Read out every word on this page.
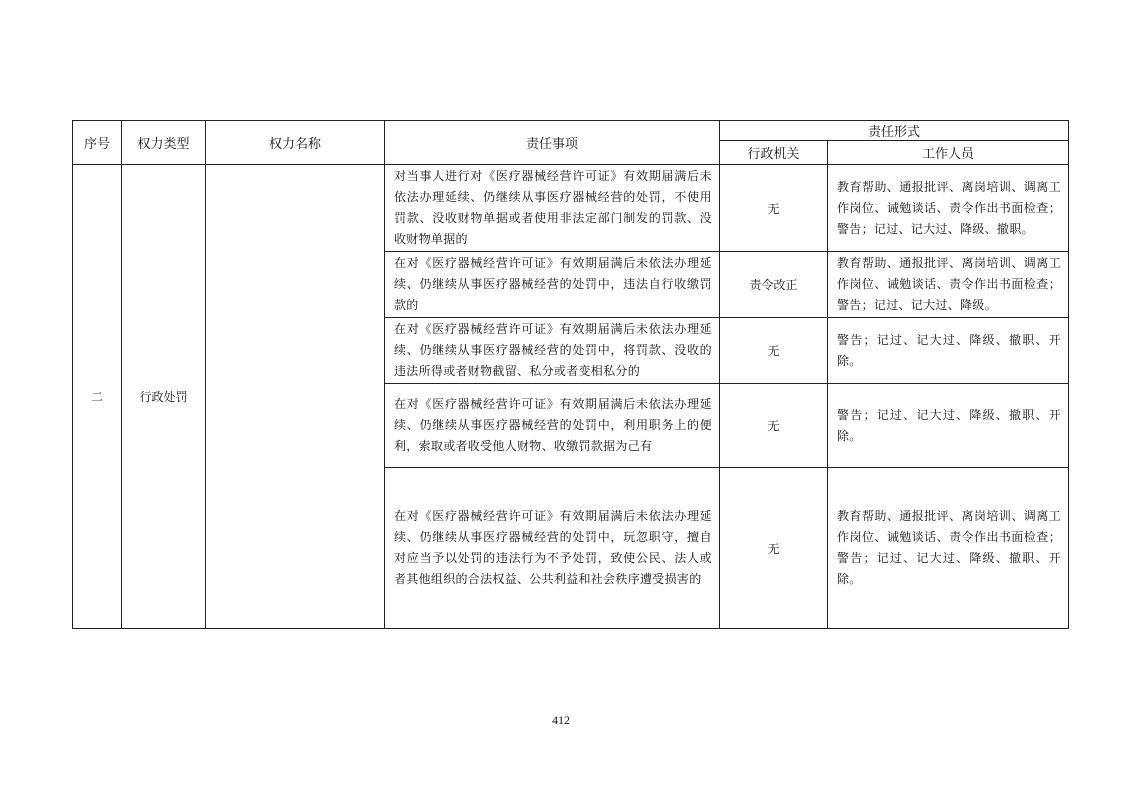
序号	权力类型	权力名称	责任事项	责任形式	
				行政机关	工作人员
二	行政处罚		对当事人进行对《医疗器械经营许可证》有效期届满后未依法办理延续、仍继续从事医疗器械经营的处罚，不使用罚款、没收财物单据或者使用非法定部门制发的罚款、没收财物单据的	无	教育帮助、通报批评、离岗培训、调离工作岗位、诫勉谈话、责令作出书面检查；警告；记过、记大过、降级、撤职。
			在对《医疗器械经营许可证》有效期届满后未依法办理延续、仍继续从事医疗器械经营的处罚中，违法自行收缴罚款的	责令改正	教育帮助、通报批评、离岗培训、调离工作岗位、诫勉谈话、责令作出书面检查；警告；记过、记大过、降级。
			在对《医疗器械经营许可证》有效期届满后未依法办理延续、仍继续从事医疗器械经营的处罚中，将罚款、没收的违法所得或者财物截留、私分或者变相私分的	无	警告；记过、记大过、降级、撤职、开除。
			在对《医疗器械经营许可证》有效期届满后未依法办理延续、仍继续从事医疗器械经营的处罚中，利用职务上的便利，索取或者收受他人财物、收缴罚款据为己有	无	警告；记过、记大过、降级、撤职、开除。
			在对《医疗器械经营许可证》有效期届满后未依法办理延续、仍继续从事医疗器械经营的处罚中，玩忽职守，擅自对应当予以处罚的违法行为不予处罚，致使公民、法人或者其他组织的合法权益、公共利益和社会秩序遭受损害的	无	教育帮助、通报批评、离岗培训、调离工作岗位、诫勉谈话、责令作出书面检查；警告；记过、记大过、降级、撤职、开除。
412
